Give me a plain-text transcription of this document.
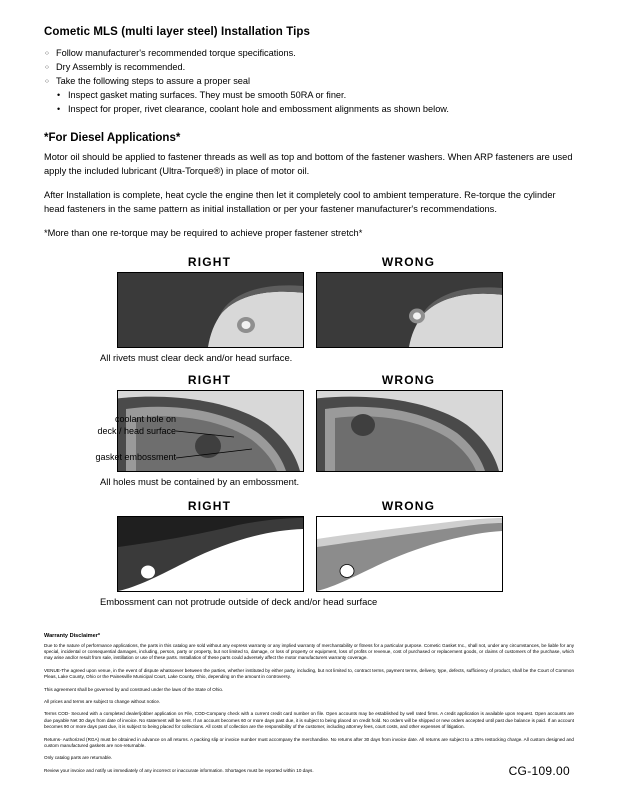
Cometic MLS (multi layer steel) Installation Tips
○ Follow manufacturer's recommended torque specifications.
○ Dry Assembly is recommended.
○ Take the following steps to assure a proper seal
• Inspect gasket mating surfaces. They must be smooth 50RA or finer.
• Inspect for proper, rivet clearance, coolant hole and embossment alignments as shown below.
*For Diesel Applications*

Motor oil should be applied to fastener threads as well as top and bottom of the fastener washers. When ARP fasteners are used apply the included lubricant (Ultra-Torque®) in place of motor oil.

After Installation is complete, heat cycle the engine then let it completely cool to ambient temperature. Re-torque the cylinder head fasteners in the same pattern as initial installation or per your fastener manufacturer's recommendations.

*More than one re-torque may be required to achieve proper fastener stretch*

RIGHT	WRONG

All rivets must clear deck and/or head surface.

RIGHT	WRONG

All holes must be contained by an embossment.

coolant hole on
deck / head surface
gasket embossment
RIGHT	WRONG

Embossment can not protrude outside of deck and/or head surface

Warranty Disclaimer*

Due to the nature of performance applications, the parts in this catalog are sold without any express warranty or any implied warranty of merchantability or fitness for a particular purpose. Cometic Gasket Inc., shall not, under any circumstances, be liable for any special, incidental or consequential damages, including, person, party or property, but not limited to, damage, or loss of property or equipment, loss of profits or revenue, cost of purchased or replacement goods, or claims of customers of the purchase, which may arise and/or result from sale, instillation or use of these parts. Installation of these parts could adversely affect the motor manufacturers warranty coverage.

VENUE-The agreed upon venue, in the event of dispute whatsoever between the parties, whether instituted by either party, including, but not limited to, contract terms, payment terms, delivery, type, defects, sufficiency of product, shall be the Court of Common Pleas, Lake County, Ohio or the Painesville Municipal Court, Lake County, Ohio, depending on the amount in controversy.

This agreement shall be governed by and construed under the laws of the State of Ohio.

All prices and terms are subject to change without notice.

Terms COD- Secured with a completed dealer/jobber application on File, COD-Company check with a current credit card number on file. Open accounts may be established by well rated firms. A credit application is available upon request. Open accounts are due payable Net 30 days from date of invoice. No statement will be sent. If an account becomes 60 or more days past due, it is subject to being placed on credit hold. No orders will be shipped or new orders accepted until past due balance is paid. If an account becomes 90 or more days past due, it is subject to being placed for collections. All costs of collection are the responsibility of the customer, including attorney fees, court costs, and other expenses of litigation.

Returns- Authorized (RGA) must be obtained in advance on all returns. A packing slip or invoice number must accompany the merchandise. No returns after 30 days from invoice date. All returns are subject to a 25% restocking charge. All custom designed and custom manufactured gaskets are non-returnable.

Only catalog parts are returnable.

Review your invoice and notify us immediately of any incorrect or inaccurate information. Shortages must be reported within 10 days.	CG-109.00
